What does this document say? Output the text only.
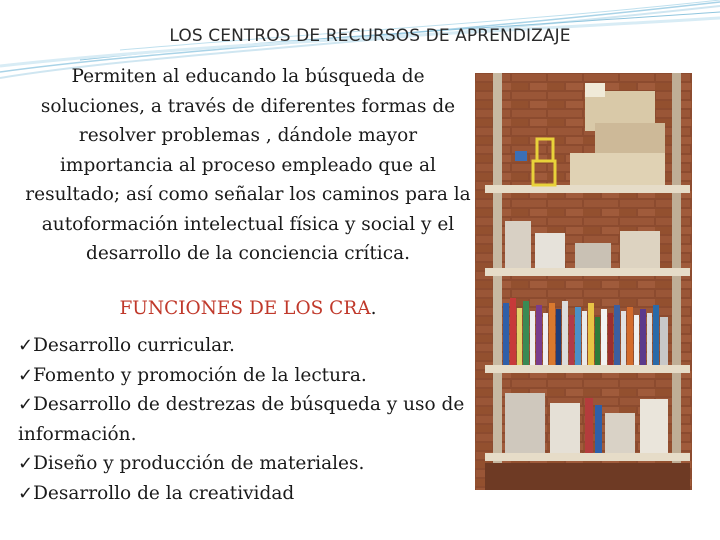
LOS CENTROS DE RECURSOS DE APRENDIZAJE

Permiten al educando la búsqueda de soluciones, a través de diferentes formas de resolver problemas , dándole mayor importancia al proceso empleado que al resultado; así como señalar los caminos para la autoformación intelectual física y social y el desarrollo de la conciencia crítica.

FUNCIONES DE LOS CRA.

✓Desarrollo curricular.
✓Fomento y promoción de la lectura.
✓Desarrollo de destrezas de búsqueda y uso de información.
✓Diseño y producción de materiales.
✓Desarrollo de la creatividad
